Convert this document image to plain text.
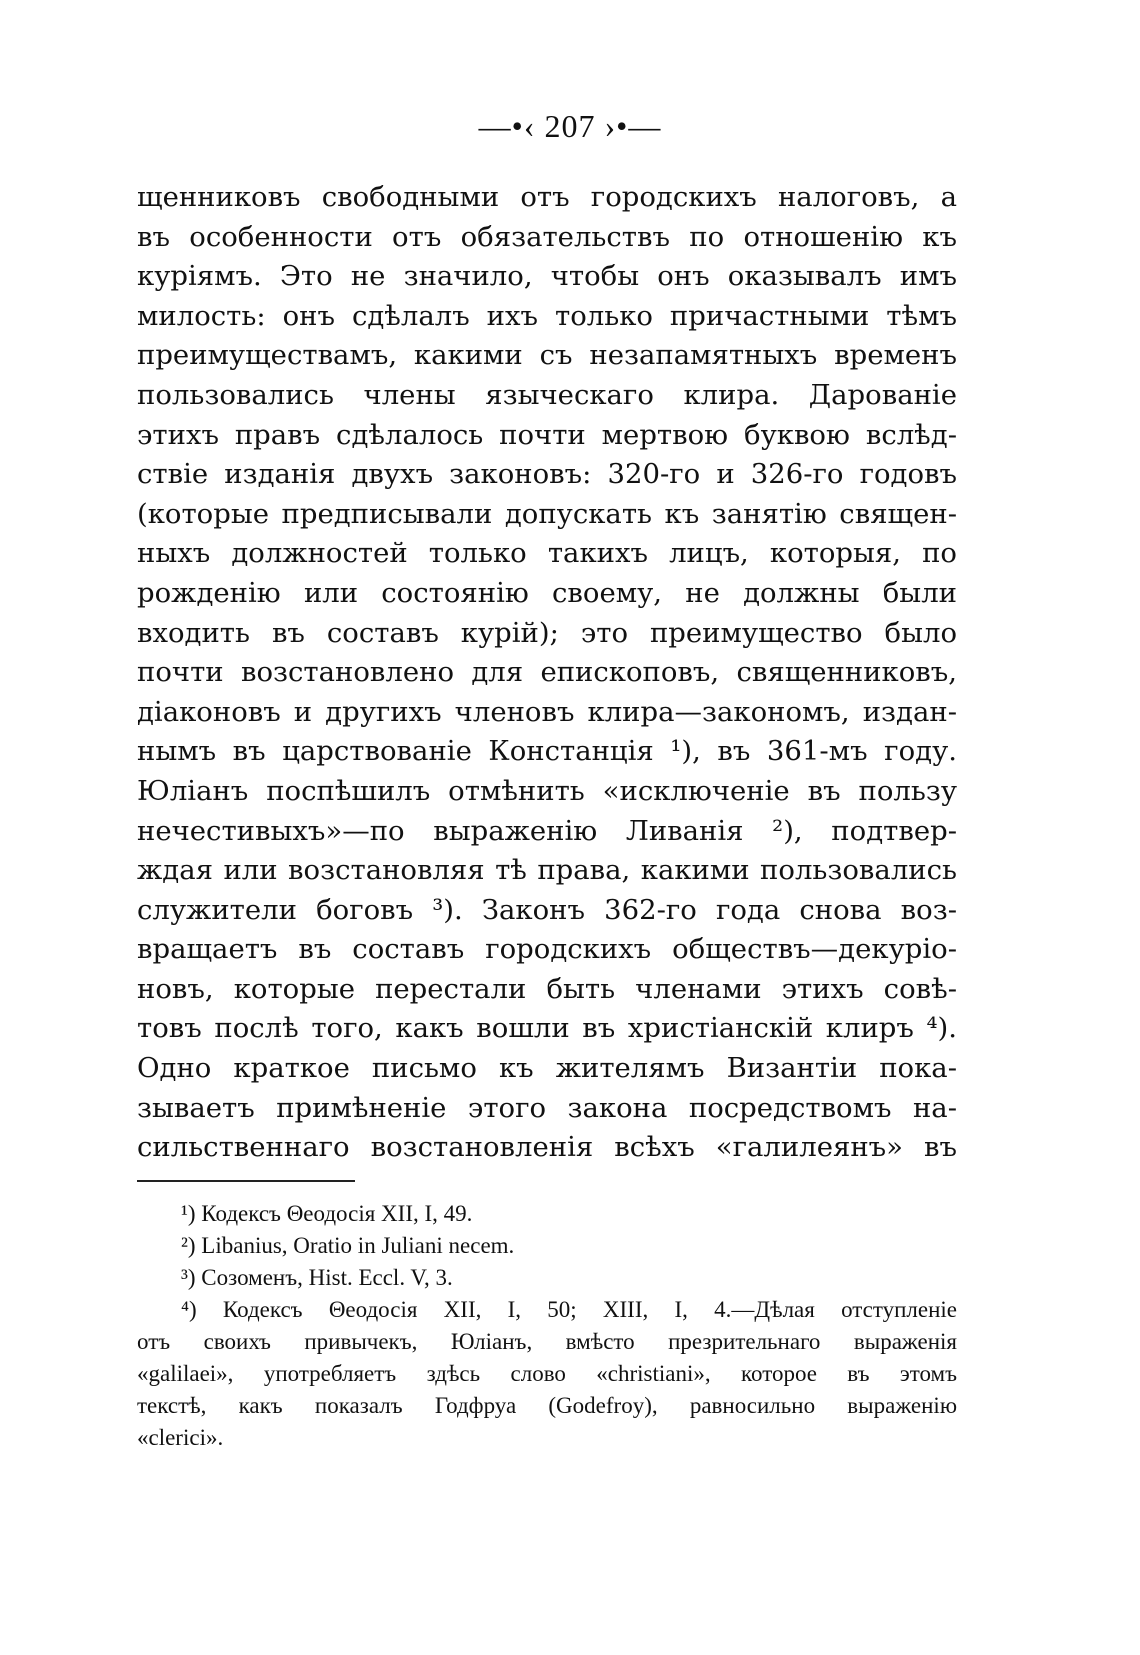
—•‹ 207 ›•—
щенниковъ свободными отъ городскихъ налоговъ, а
въ особенности отъ обязательствъ по отношенію къ
куріямъ. Это не значило, чтобы онъ оказывалъ имъ
милость: онъ сдѣлалъ ихъ только причастными тѣмъ
преимуществамъ, какими съ незапамятныхъ временъ
пользовались члены языческаго клира. Дарованіе
этихъ правъ сдѣлалось почти мертвою буквою вслѣд-
ствіе изданія двухъ законовъ: 320-го и 326-го годовъ
(которые предписывали допускать къ занятію священ-
ныхъ должностей только такихъ лицъ, которыя, по
рожденію или состоянію своему, не должны были
входить въ составъ курій); это преимущество было
почти возстановлено для епископовъ, священниковъ,
діаконовъ и другихъ членовъ клира—закономъ, издан-
нымъ въ царствованіе Констанція ¹), въ 361-мъ году.
Юліанъ поспѣшилъ отмѣнить «исключеніе въ пользу
нечестивыхъ»—по выраженію Ливанія ²), подтвер-
ждая или возстановляя тѣ права, какими пользовались
служители боговъ ³). Законъ 362-го года снова воз-
вращаетъ въ составъ городскихъ обществъ—декуріо-
новъ, которые перестали быть членами этихъ совѣ-
товъ послѣ того, какъ вошли въ христіанскій клиръ ⁴).
Одно краткое письмо къ жителямъ Византіи пока-
зываетъ примѣненіе этого закона посредствомъ на-
сильственнаго возстановленія всѣхъ «галилеянъ» въ
¹) Кодексъ Θеодосія XII, I, 49.
²) Libanius, Oratio in Juliani necem.
³) Созоменъ, Hist. Eccl. V, 3.
⁴) Кодексъ Θеодосія XII, I, 50; XIII, I, 4.—Дѣлая отступленіе
отъ своихъ привычекъ, Юліанъ, вмѣсто презрительнаго выраженія
«galilaei», употребляетъ здѣсь слово «christiani», которое въ этомъ
текстѣ, какъ показалъ Годфруа (Godefroy), равносильно выраженію
«clerici».
